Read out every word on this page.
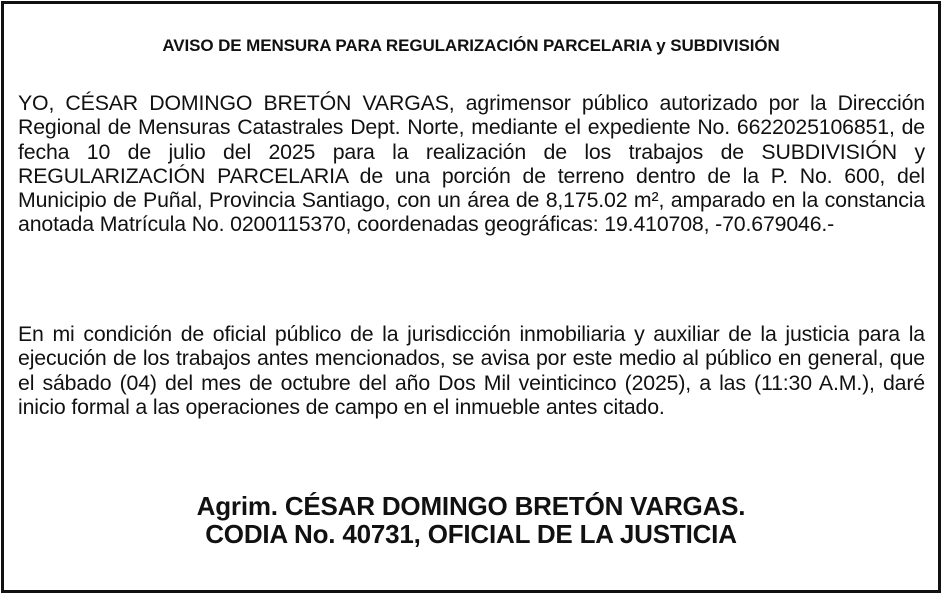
AVISO DE MENSURA PARA REGULARIZACIÓN PARCELARIA y SUBDIVISIÓN

YO, CÉSAR DOMINGO BRETÓN VARGAS, agrimensor público autorizado por la Dirección Regional de Mensuras Catastrales Dept. Norte, mediante el expediente No. 6622025106851, de fecha 10 de julio del 2025 para la realización de los trabajos de SUBDIVISIÓN y REGULARIZACIÓN PARCELARIA de una porción de terreno dentro de la P. No. 600, del Municipio de Puñal, Provincia Santiago, con un área de 8,175.02 m², amparado en la constancia anotada Matrícula No. 0200115370, coordenadas geográficas: 19.410708, -70.679046.-

En mi condición de oficial público de la jurisdicción inmobiliaria y auxiliar de la justicia para la ejecución de los trabajos antes mencionados, se avisa por este medio al público en general, que el sábado (04) del mes de octubre del año Dos Mil veinticinco (2025), a las (11:30 A.M.), daré inicio formal a las operaciones de campo en el inmueble antes citado.

Agrim. CÉSAR DOMINGO BRETÓN VARGAS.
CODIA No. 40731, OFICIAL DE LA JUSTICIA
